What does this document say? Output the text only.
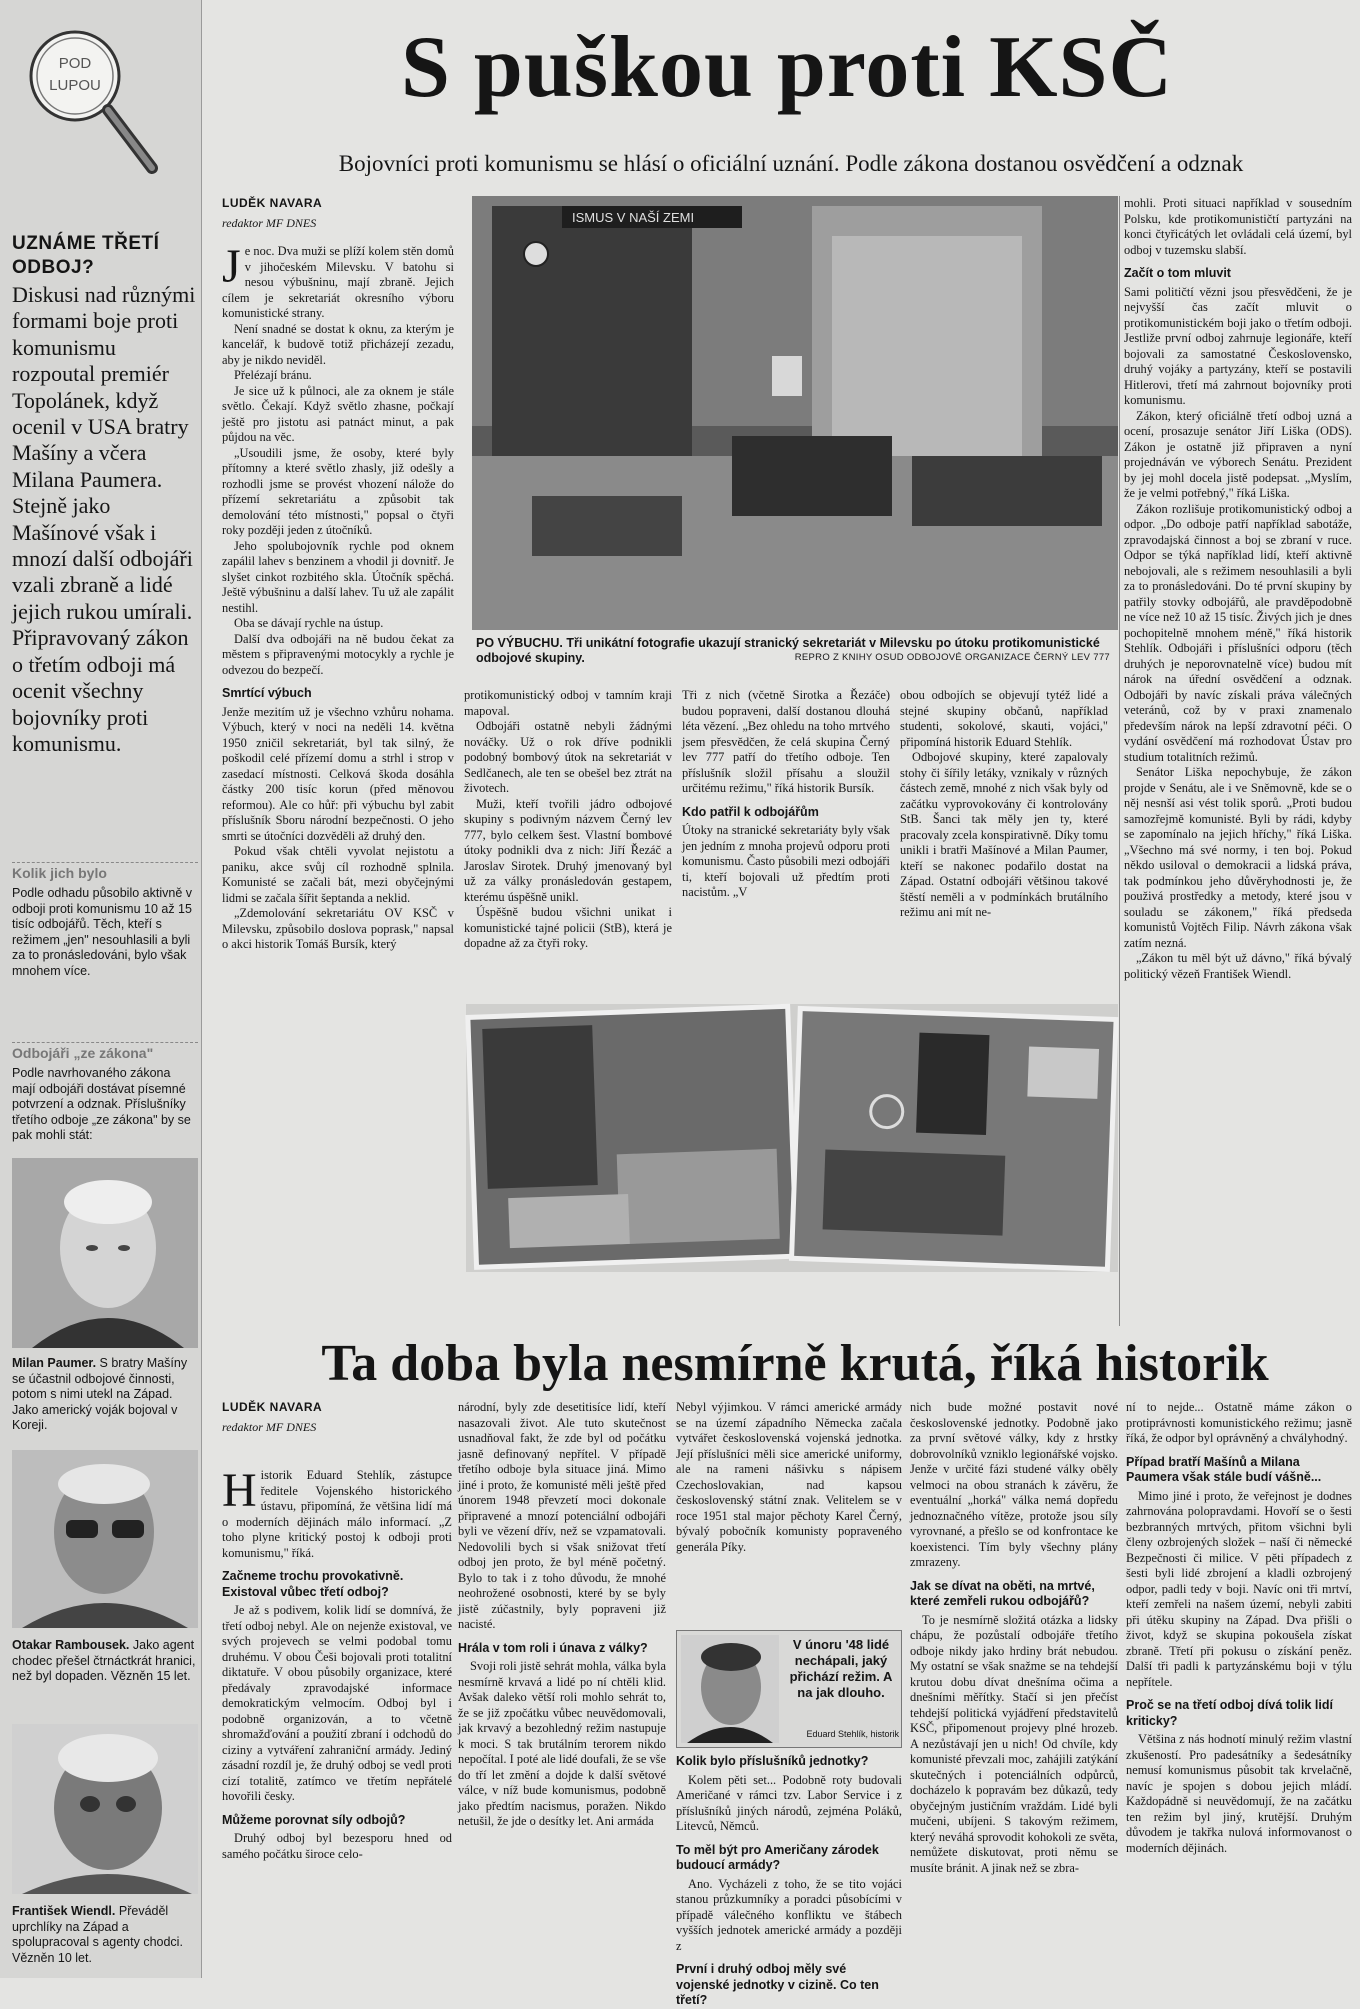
POD
LUPOU
UZNÁME TŘETÍ ODBOJ?
Diskusi nad různými formami boje proti komunismu rozpoutal premiér Topolánek, když ocenil v USA bratry Mašíny a včera Milana Paumera. Stejně jako Mašínové však i mnozí další odbojáři vzali zbraně a lidé jejich rukou umírali. Připravovaný zákon o třetím odboji má ocenit všechny bojovníky proti komunismu.
Kolik jich bylo
Podle odhadu působilo aktivně v odboji proti komunismu 10 až 15 tisíc odbojářů. Těch, kteří s režimem „jen" nesouhlasili a byli za to pronásledováni, bylo však mnohem více.
Odbojáři „ze zákona"
Podle navrhovaného zákona mají odbojáři dostávat písemné potvrzení a odznak. Příslušníky třetího odboje „ze zákona" by se pak mohli stát:
Milan Paumer. S bratry Mašíny se účastnil odbojové činnosti, potom s nimi utekl na Západ. Jako americký voják bojoval v Koreji.
Otakar Rambousek. Jako agent chodec přešel čtrnáctkrát hranici, než byl dopaden. Vězněn 15 let.
František Wiendl. Převáděl uprchlíky na Západ a spolupracoval s agenty chodci. Vězněn 10 let.
S puškou proti KSČ
Bojovníci proti komunismu se hlásí o oficiální uznání. Podle zákona dostanou osvědčení a odznak
LUDĚK NAVARA
redaktor MF DNES

Je noc. Dva muži se plíží kolem stěn domů v jihočeském Milevsku. V batohu si nesou výbušninu, mají zbraně. Jejich cílem je sekretariát okresního výboru komunistické strany.

Není snadné se dostat k oknu, za kterým je kancelář, k budově totiž přicházejí zezadu, aby je nikdo neviděl.

Přelézají bránu.

Je sice už k půlnoci, ale za oknem je stále světlo. Čekají. Když světlo zhasne, počkají ještě pro jistotu asi patnáct minut, a pak půjdou na věc.

„Usoudili jsme, že osoby, které byly přítomny a které světlo zhasly, již odešly a rozhodli jsme se provést vhození nálože do přízemí sekretariátu a způsobit tak demolování této místnosti," popsal o čtyři roky později jeden z útočníků.

Jeho spolubojovník rychle pod oknem zapálil lahev s benzinem a vhodil ji dovnitř. Je slyšet cinkot rozbitého skla. Útočník spěchá. Ještě výbušninu a další lahev. Tu už ale zapálit nestihl.

Oba se dávají rychle na ústup.

Další dva odbojáři na ně budou čekat za městem s připravenými motocykly a rychle je odvezou do bezpečí.

Smrtící výbuch

Jenže mezitím už je všechno vzhůru nohama. Výbuch, který v noci na neděli 14. května 1950 zničil sekretariát, byl tak silný, že poškodil celé přízemí domu a strhl i strop v zasedací místnosti. Celková škoda dosáhla částky 200 tisíc korun (před měnovou reformou). Ale co hůř: při výbuchu byl zabit příslušník Sboru národní bezpečnosti. O jeho smrti se útočníci dozvěděli až druhý den.

Pokud však chtěli vyvolat nejistotu a paniku, akce svůj cíl rozhodně splnila. Komunisté se začali bát, mezi obyčejnými lidmi se začala šířit šeptanda a neklid.

„Zdemolování sekretariátu OV KSČ v Milevsku, způsobilo doslova poprask," napsal o akci historik Tomáš Bursík, který

ISMUS V NAŠÍ ZEMI
PO VÝBUCHU. Tři unikátní fotografie ukazují stranický sekretariát v Milevsku po útoku protikomunistické odbojové skupiny.	REPRO Z KNIHY OSUD ODBOJOVÉ ORGANIZACE ČERNÝ LEV 777

protikomunistický odboj v tamním kraji mapoval.

Odbojáři ostatně nebyli žádnými nováčky. Už o rok dříve podnikli podobný bombový útok na sekretariát v Sedlčanech, ale ten se obešel bez ztrát na životech.

Muži, kteří tvořili jádro odbojové skupiny s podivným názvem Černý lev 777, bylo celkem šest. Vlastní bombové útoky podnikli dva z nich: Jiří Řezáč a Jaroslav Sirotek. Druhý jmenovaný byl už za války pronásledován gestapem, kterému úspěšně unikl.

Úspěšně budou všichni unikat i komunistické tajné policii (StB), která je dopadne až za čtyři roky.

Tři z nich (včetně Sirotka a Řezáče) budou popraveni, další dostanou dlouhá léta vězení. „Bez ohledu na toho mrtvého jsem přesvědčen, že celá skupina Černý lev 777 patří do třetího odboje. Ten příslušník složil přísahu a sloužil určitému režimu," říká historik Bursík.

Kdo patřil k odbojářům

Útoky na stranické sekretariáty byly však jen jedním z mnoha projevů odporu proti komunismu. Často působili mezi odbojáři ti, kteří bojovali už předtím proti nacistům. „V

obou odbojích se objevují tytéž lidé a stejné skupiny občanů, například studenti, sokolové, skauti, vojáci," připomíná historik Eduard Stehlík.

Odbojové skupiny, které zapalovaly stohy či šířily letáky, vznikaly v různých částech země, mnohé z nich však byly od začátku vyprovokovány či kontrolovány StB. Šanci tak měly jen ty, které pracovaly zcela konspirativně. Díky tomu unikli i bratři Mašínové a Milan Paumer, kteří se nakonec podařilo dostat na Západ. Ostatní odbojáři většinou takové štěstí neměli a v podmínkách brutálního režimu ani mít ne-

mohli. Proti situaci například v sousedním Polsku, kde protikomunističtí partyzáni na konci čtyřicátých let ovládali celá území, byl odboj v tuzemsku slabší.

Začít o tom mluvit

Sami političtí vězni jsou přesvědčeni, že je nejvyšší čas začít mluvit o protikomunistickém boji jako o třetím odboji. Jestliže první odboj zahrnuje legionáře, kteří bojovali za samostatné Československo, druhý vojáky a partyzány, kteří se postavili Hitlerovi, třetí má zahrnout bojovníky proti komunismu.

Zákon, který oficiálně třetí odboj uzná a ocení, prosazuje senátor Jiří Liška (ODS). Zákon je ostatně již připraven a nyní projednáván ve výborech Senátu. Prezident by jej mohl docela jistě podepsat. „Myslím, že je velmi potřebný," říká Liška.

Zákon rozlišuje protikomunistický odboj a odpor. „Do odboje patří například sabotáže, zpravodajská činnost a boj se zbraní v ruce. Odpor se týká například lidí, kteří aktivně nebojovali, ale s režimem nesouhlasili a byli za to pronásledováni. Do té první skupiny by patřily stovky odbojářů, ale pravděpodobně ne více než 10 až 15 tisíc. Živých jich je dnes pochopitelně mnohem méně," říká historik Stehlík. Odbojáři i příslušníci odporu (těch druhých je neporovnatelně více) budou mít nárok na úřední osvědčení a odznak. Odbojáři by navíc získali práva válečných veteránů, což by v praxi znamenalo především nárok na lepší zdravotní péči. O vydání osvědčení má rozhodovat Ústav pro studium totalitních režimů.

Senátor Liška nepochybuje, že zákon projde v Senátu, ale i ve Sněmovně, kde se o něj nesnší asi vést tolik sporů. „Proti budou samozřejmě komunisté. Byli by rádi, kdyby se zapomínalo na jejich hříchy," říká Liška. „Všechno má své normy, i ten boj. Pokud někdo usiloval o demokracii a lidská práva, tak podmínkou jeho důvěryhodnosti je, že použivá prostředky a metody, které jsou v souladu se zákonem," říká předseda komunistů Vojtěch Filip. Návrh zákona však zatím nezná.

„Zákon tu měl být už dávno," říká bývalý politický vězeň František Wiendl.

Ta doba byla nesmírně krutá, říká historik
LUDĚK NAVARA
redaktor MF DNES

Historik Eduard Stehlík, zástupce ředitele Vojenského historického ústavu, připomíná, že většina lidí má o moderních dějinách málo informací. „Z toho plyne kritický postoj k odboji proti komunismu," říká.

Začneme trochu provokativně. Existoval vůbec třetí odboj?

Je až s podivem, kolik lidí se domnívá, že třetí odboj nebyl. Ale on nejenže existoval, ve svých projevech se velmi podobal tomu druhému. V obou Češi bojovali proti totalitní diktatuře. V obou působily organizace, které předávaly zpravodajské informace demokratickým velmocím. Odboj byl i podobně organizován, a to včetně shromažďování a použití zbraní i odchodů do ciziny a vytváření zahraniční armády. Jediný zásadní rozdíl je, že druhý odboj se vedl proti cizí totalitě, zatímco ve třetím nepřátelé hovořili česky.

Můžeme porovnat síly odbojů?

Druhý odboj byl bezesporu hned od samého počátku široce celo-

národní, byly zde desetitisíce lidí, kteří nasazovali život. Ale tuto skutečnost usnadňoval fakt, že zde byl od počátku jasně definovaný nepřítel. V případě třetího odboje byla situace jiná. Mimo jiné i proto, že komunisté měli ještě před únorem 1948 převzetí moci dokonale připravené a mnozí potenciální odbojáři byli ve vězení dřív, než se vzpamatovali. Nedovolili bych si však snižovat třetí odboj jen proto, že byl méně početný. Bylo to tak i z toho důvodu, že mnohé neohrožené osobnosti, které by se byly jistě zúčastnily, byly popraveni již nacisté.

Hrála v tom roli i únava z války?

Svoji roli jistě sehrát mohla, válka byla nesmírně krvavá a lidé po ní chtěli klid. Avšak daleko větší roli mohlo sehrát to, že se již zpočátku vůbec neuvědomovali, jak krvavý a bezohledný režim nastupuje k moci. S tak brutálním terorem nikdo nepočítal. I poté ale lidé doufali, že se vše do tří let změní a dojde k další světové válce, v níž bude komunismus, podobně jako předtím nacismus, poražen. Nikdo netušil, že jde o desítky let. Ani armáda

Nebyl výjimkou. V rámci americké armády se na území západního Německa začala vytvářet československá vojenská jednotka. Její příslušníci měli sice americké uniformy, ale na rameni nášivku s nápisem Czechoslovakian, nad kapsou československý státní znak. Velitelem se v roce 1951 stal major pěchoty Karel Černý, bývalý pobočník komunisty popraveného generála Píky.

V únoru '48 lidé nechápali, jaký přichází režim. A na jak dlouho.
Eduard Stehlík, historik
Kolik bylo příslušníků jednotky?

Kolem pěti set... Podobně roty budovali Američané v rámci tzv. Labor Service i z příslušníků jiných národů, zejména Poláků, Litevců, Němců.

To měl být pro Američany zárodek budoucí armády?

Ano. Vycházeli z toho, že se tito vojáci stanou průzkumníky a poradci působícími v případě válečného konfliktu ve štábech vyšších jednotek americké armády a později z

První i druhý odboj měly své vojenské jednotky v cizině. Co ten třetí?

nich bude možné postavit nové československé jednotky. Podobně jako za první světové války, kdy z hrstky dobrovolníků vzniklo legionářské vojsko. Jenže v určité fázi studené války oběly velmoci na obou stranách k závěru, že eventuální „horká" válka nemá dopředu jednoznačného vítěze, protože jsou síly vyrovnané, a přešlo se od konfrontace ke koexistenci. Tím byly všechny plány zmrazeny.

Jak se dívat na oběti, na mrtvé, které zemřeli rukou odbojářů?

To je nesmírně složitá otázka a lidsky chápu, že pozůstalí odbojáře třetího odboje nikdy jako hrdiny brát nebudou. My ostatní se však snažme se na tehdejší krutou dobu dívat dnešníma očima a dnešními měřítky. Stačí si jen přečíst tehdejší politická vyjádření představitelů KSČ, připomenout projevy plné hrozeb. A nezůstávají jen u nich! Od chvíle, kdy komunisté převzali moc, zahájili zatýkání skutečných i potenciálních odpůrců, docházelo k popravám bez důkazů, tedy obyčejným justičním vraždám. Lidé byli mučeni, ubíjeni. S takovým režimem, který neváhá sprovodit kohokoli ze světa, nemůžete diskutovat, proti němu se musíte bránit. A jinak než se zbra-

ní to nejde... Ostatně máme zákon o protiprávnosti komunistického režimu; jasně říká, že odpor byl oprávněný a chvályhodný.

Případ bratří Mašínů a Milana Paumera však stále budí vášně...

Mimo jiné i proto, že veřejnost je dodnes zahrnována polopravdami. Hovoří se o šesti bezbranných mrtvých, přitom všichni byli členy ozbrojených složek – naší či německé Bezpečnosti či milice. V pěti případech z šesti byli lidé zbrojení a kladli ozbrojený odpor, padli tedy v boji. Navíc oni tři mrtví, kteří zemřeli na našem území, nebyli zabiti při útěku skupiny na Západ. Dva přišli o život, když se skupina pokoušela získat zbraně. Třetí při pokusu o získání peněz. Další tři padli k partyzánskému boji v týlu nepřítele.

Proč se na třetí odboj dívá tolik lidí kriticky?

Většina z nás hodnotí minulý režim vlastní zkušeností. Pro padesátníky a šedesátníky nemusí komunismus působit tak krvelačně, navíc je spojen s dobou jejich mládí. Každopádně si neuvědomují, že na začátku ten režim byl jiný, krutější. Druhým důvodem je takřka nulová informovanost o moderních dějinách.
